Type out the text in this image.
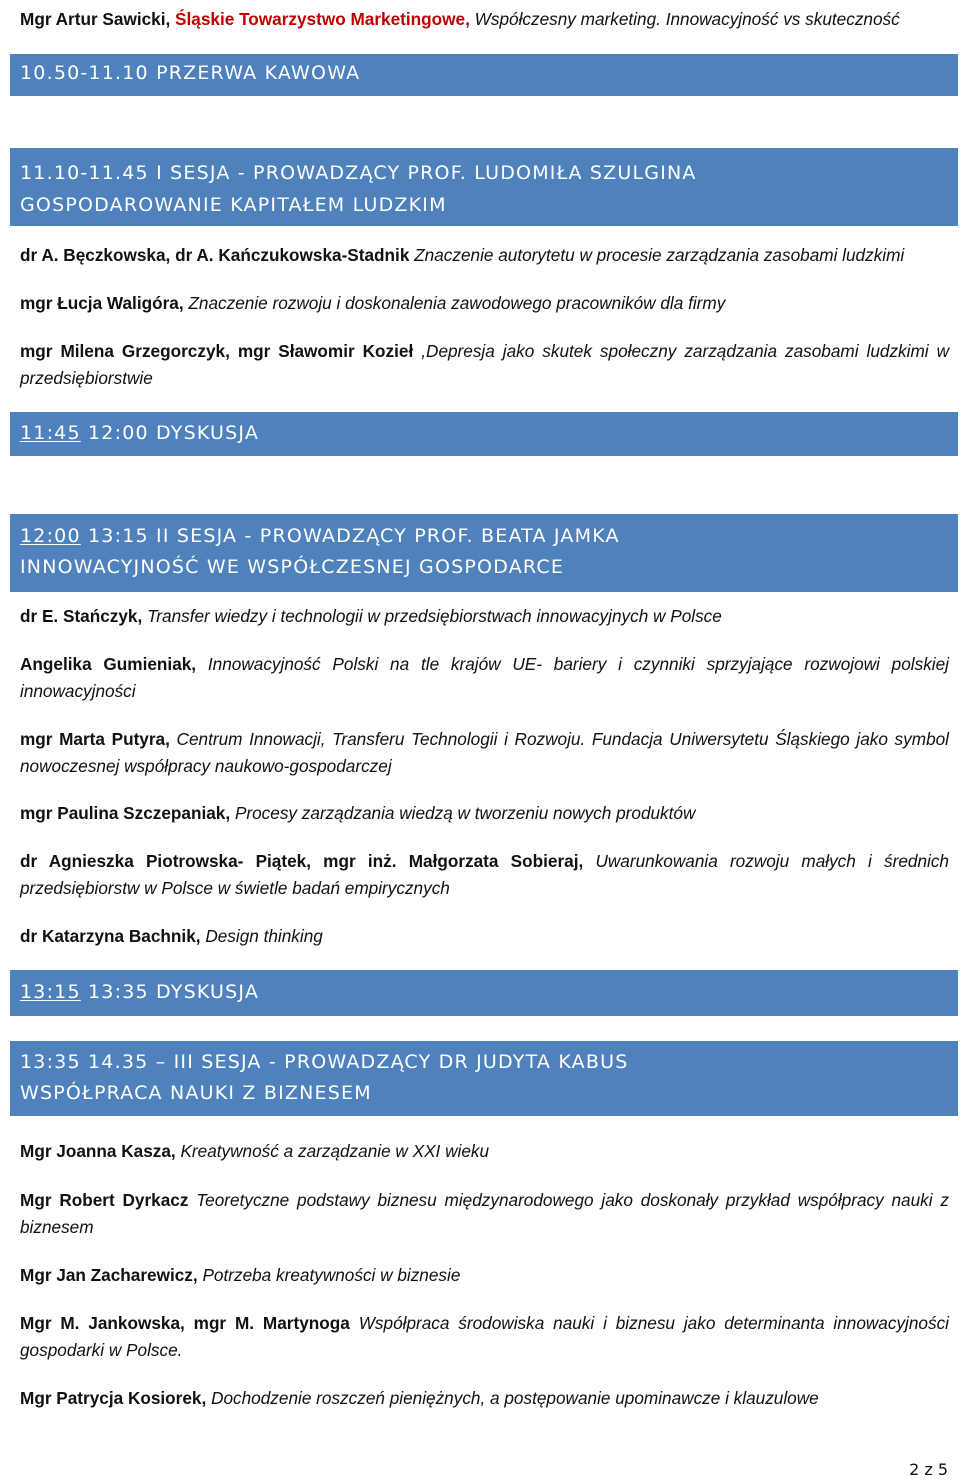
Mgr Artur Sawicki, Śląskie Towarzystwo Marketingowe, Współczesny marketing. Innowacyjność vs skuteczność
10.50-11.10 PRZERWA KAWOWA
11.10-11.45 I SESJA - PROWADZĄCY PROF. LUDOMIŁA SZULGINA
GOSPODAROWANIE KAPITAŁEM LUDZKIM
dr A. Bęczkowska, dr A. Kańczukowska-Stadnik Znaczenie autorytetu w procesie zarządzania zasobami ludzkimi
mgr Łucja Waligóra, Znaczenie rozwoju i doskonalenia zawodowego pracowników dla firmy
mgr Milena Grzegorczyk, mgr Sławomir Kozieł ,Depresja jako skutek społeczny zarządzania zasobami ludzkimi w przedsiębiorstwie
11:45 12:00 DYSKUSJA
12:00 13:15 II SESJA - PROWADZĄCY PROF. BEATA JAMKA
INNOWACYJNOŚĆ WE WSPÓŁCZESNEJ GOSPODARCE
dr E. Stańczyk, Transfer wiedzy i technologii w przedsiębiorstwach innowacyjnych w Polsce
Angelika Gumieniak, Innowacyjność Polski na tle krajów UE- bariery i czynniki sprzyjające rozwojowi polskiej innowacyjności
mgr Marta Putyra, Centrum Innowacji, Transferu Technologii i Rozwoju. Fundacja Uniwersytetu Śląskiego jako symbol nowoczesnej współpracy naukowo-gospodarczej
mgr Paulina Szczepaniak, Procesy zarządzania wiedzą w tworzeniu nowych produktów
dr Agnieszka Piotrowska- Piątek, mgr inż. Małgorzata Sobieraj, Uwarunkowania rozwoju małych i średnich przedsiębiorstw w Polsce w świetle badań empirycznych
dr Katarzyna Bachnik, Design thinking
13:15 13:35 DYSKUSJA
13:35 14.35 – III SESJA - PROWADZĄCY DR JUDYTA KABUS
WSPÓŁPRACA NAUKI Z BIZNESEM
Mgr Joanna Kasza, Kreatywność a zarządzanie w XXI wieku
Mgr Robert Dyrkacz Teoretyczne podstawy biznesu międzynarodowego jako doskonały przykład współpracy nauki z biznesem
Mgr Jan Zacharewicz, Potrzeba kreatywności w biznesie
Mgr M. Jankowska, mgr M. Martynoga Współpraca środowiska nauki i biznesu jako determinanta innowacyjności gospodarki w Polsce.
Mgr Patrycja Kosiorek, Dochodzenie roszczeń pieniężnych, a postępowanie upominawcze i klauzulowe
2 z 5
